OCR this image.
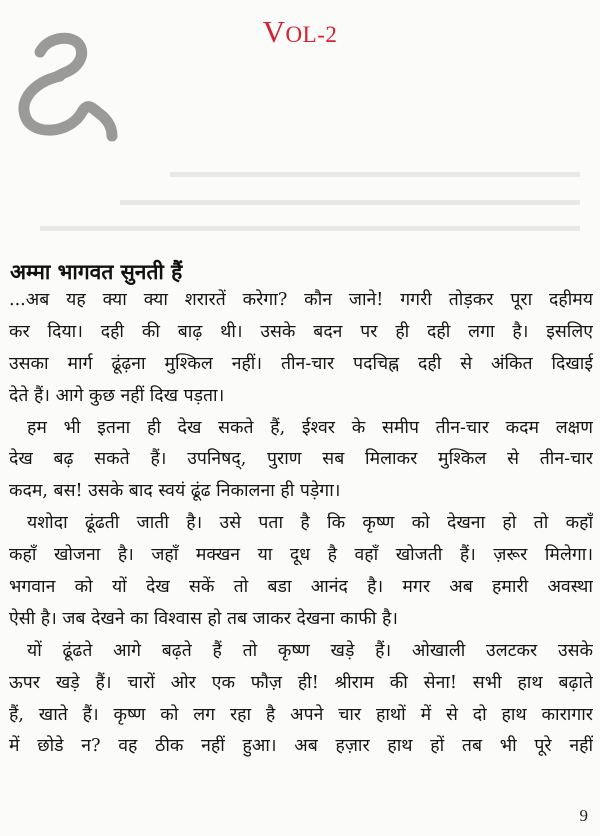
VOL-2
अम्मा भागवत सुनती हैं
...अब यह क्या क्या शरारतें करेगा? कौन जाने! गगरी तोड़कर पूरा दहीमय
कर दिया। दही की बाढ़ थी। उसके बदन पर ही दही लगा है। इसलिए
उसका मार्ग ढूंढ़ना मुश्किल नहीं। तीन-चार पदचिह्न दही से अंकित दिखाई
देते हैं। आगे कुछ नहीं दिख पड़ता।
हम भी इतना ही देख सकते हैं, ईश्वर के समीप तीन-चार कदम लक्षण
देख बढ़ सकते हैं। उपनिषद्, पुराण सब मिलाकर मुश्किल से तीन-चार
कदम, बस! उसके बाद स्वयं ढूंढ निकालना ही पड़ेगा।
यशोदा ढूंढती जाती है। उसे पता है कि कृष्ण को देखना हो तो कहाँ
कहाँ खोजना है। जहाँ मक्खन या दूध है वहाँ खोजती हैं। ज़रूर मिलेगा।
भगवान को यों देख सकें तो बडा आनंद है। मगर अब हमारी अवस्था
ऐसी है। जब देखने का विश्वास हो तब जाकर देखना काफी है।
यों ढूंढते आगे बढ़ते हैं तो कृष्ण खड़े हैं। ओखाली उलटकर उसके
ऊपर खड़े हैं। चारों ओर एक फौज़ ही! श्रीराम की सेना! सभी हाथ बढ़ाते
हैं, खाते हैं। कृष्ण को लग रहा है अपने चार हाथों में से दो हाथ कारागार
में छोडे न? वह ठीक नहीं हुआ। अब हज़ार हाथ हों तब भी पूरे नहीं
9
